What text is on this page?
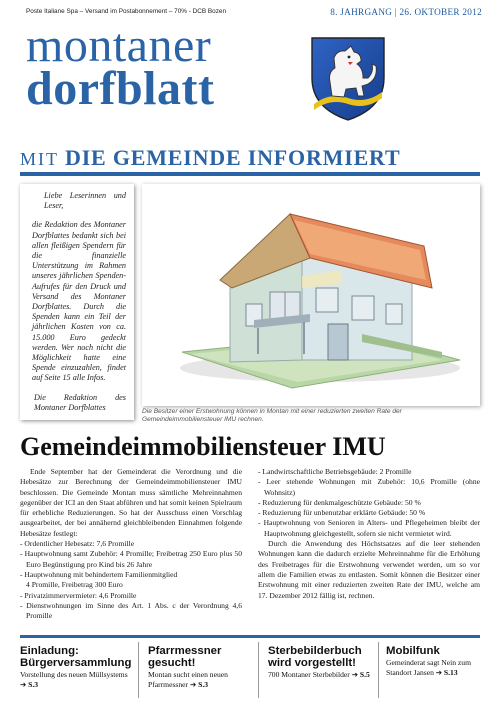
Poste Italiane Spa – Versand im Postabonnement – 70% - DCB Bozen	8. JAHRGANG | 26. OKTOBER 2012
montaner
dorfblatt
MIT DIE GEMEINDE INFORMIERT

Liebe Leserinnen und Leser,

die Redaktion des Montaner Dorfblattes bedankt sich bei allen fleißigen Spendern für die finanzielle Unterstützung im Rahmen unseres jährlichen Spenden-Aufrufes für den Druck und Versand des Montaner Dorfblattes. Durch die Spenden kann ein Teil der jährlichen Kosten von ca. 15.000 Euro gedeckt werden. Wer noch nicht die Möglichkeit hatte eine Spende einzuzahlen, findet auf Seite 15 alle Infos.

Die Redaktion des Montaner Dorfblattes	Die Besitzer einer Erstwohnung können in Montan mit einer reduzierten zweiten Rate der Gemeindeimmobiliensteuer IMU rechnen.
Gemeindeimmobiliensteuer IMU

Ende September hat der Gemeinderat die Verordnung und die Hebesätze zur Berechnung der Gemeindeimmobiliensteuer IMU beschlossen. Die Gemeinde Montan muss sämtliche Mehreinnahmen gegenüber der ICI an den Staat abführen und hat somit keinen Spielraum für erhebliche Reduzierungen. So hat der Ausschuss einen Vorschlag ausgearbeitet, der bei annähernd gleichbleibenden Einnahmen folgende Hebesätze festlegt:

- Ordentlicher Hebesatz: 7,6 Promille

- Hauptwohnung samt Zubehör: 4 Promille; Freibetrag 250 Euro plus 50 Euro Begünstigung pro Kind bis 26 Jahre

- Hauptwohnung mit behindertem Familienmitglied

4 Promille, Freibetrag 300 Euro

- Privatzimmervermieter: 4,6 Promille

- Dienstwohnungen im Sinne des Art. 1 Abs. c der Verordnung 4,6 Promille

- Landwirtschaftliche Betriebsgebäude: 2 Promille

- Leer stehende Wohnungen mit Zubehör: 10,6 Promille (ohne Wohnsitz)

- Reduzierung für denkmalgeschützte Gebäude: 50 %

- Reduzierung für unbenutzbar erklärte Gebäude: 50 %

- Hauptwohnung von Senioren in Alters- und Pflegeheimen bleibt der Hauptwohnung gleichgestellt, sofern sie nicht vermietet wird.

Durch die Anwendung des Höchstsatzes auf die leer stehenden Wohnungen kann die dadurch erzielte Mehreinnahme für die Erhöhung des Freibetrages für die Erstwohnung verwendet werden, um so vor allem die Familien etwas zu entlasten. Somit können die Besitzer einer Erstwohnung mit einer reduzierten zweiten Rate der IMU, welche am 17. Dezember 2012 fällig ist, rechnen.

Einladung: Bürgerversammlung
Vorstellung des neuen Müllsystems ➔ S.3
Pfarrmessner gesucht!
Montan sucht einen neuen Pfarrmessner ➔ S.3
Sterbebilderbuch wird vorgestellt!
700 Montaner Sterbebilder ➔ S.5
Mobilfunk
Gemeinderat sagt Nein zum Standort Jansen ➔ S.13
